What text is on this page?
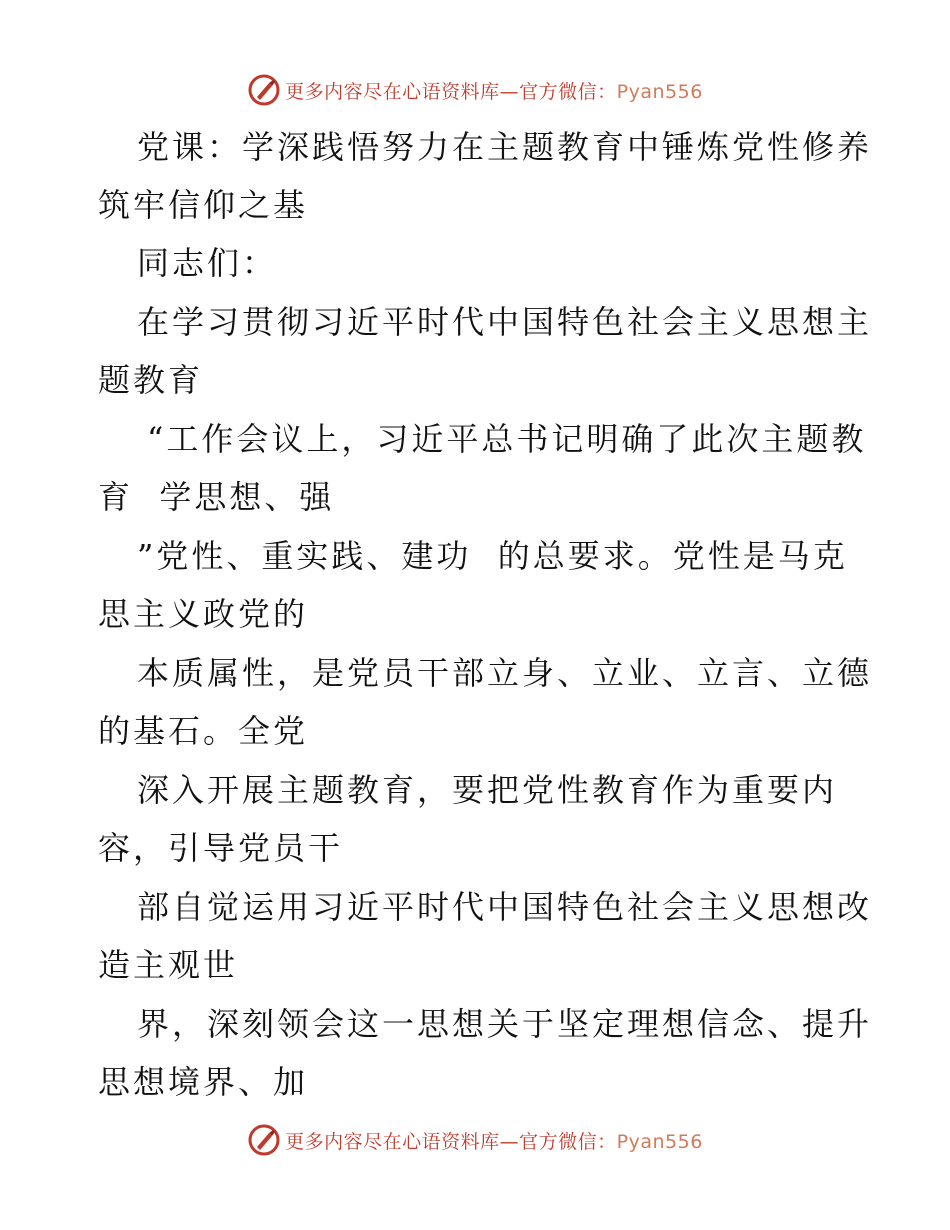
更多内容尽在心语资料库—官方微信：Pyan556
党课：学深践悟努力在主题教育中锤炼党性修养
筑牢信仰之基
同志们：
在学习贯彻习近平时代中国特色社会主义思想主
题教育
“工作会议上，习近平总书记明确了此次主题教
育  学思想、强
”党性、重实践、建功  的总要求。党性是马克
思主义政党的
本质属性，是党员干部立身、立业、立言、立德
的基石。全党
深入开展主题教育，要把党性教育作为重要内
容，引导党员干
部自觉运用习近平时代中国特色社会主义思想改
造主观世
界，深刻领会这一思想关于坚定理想信念、提升
思想境界、加
更多内容尽在心语资料库—官方微信：Pyan556
